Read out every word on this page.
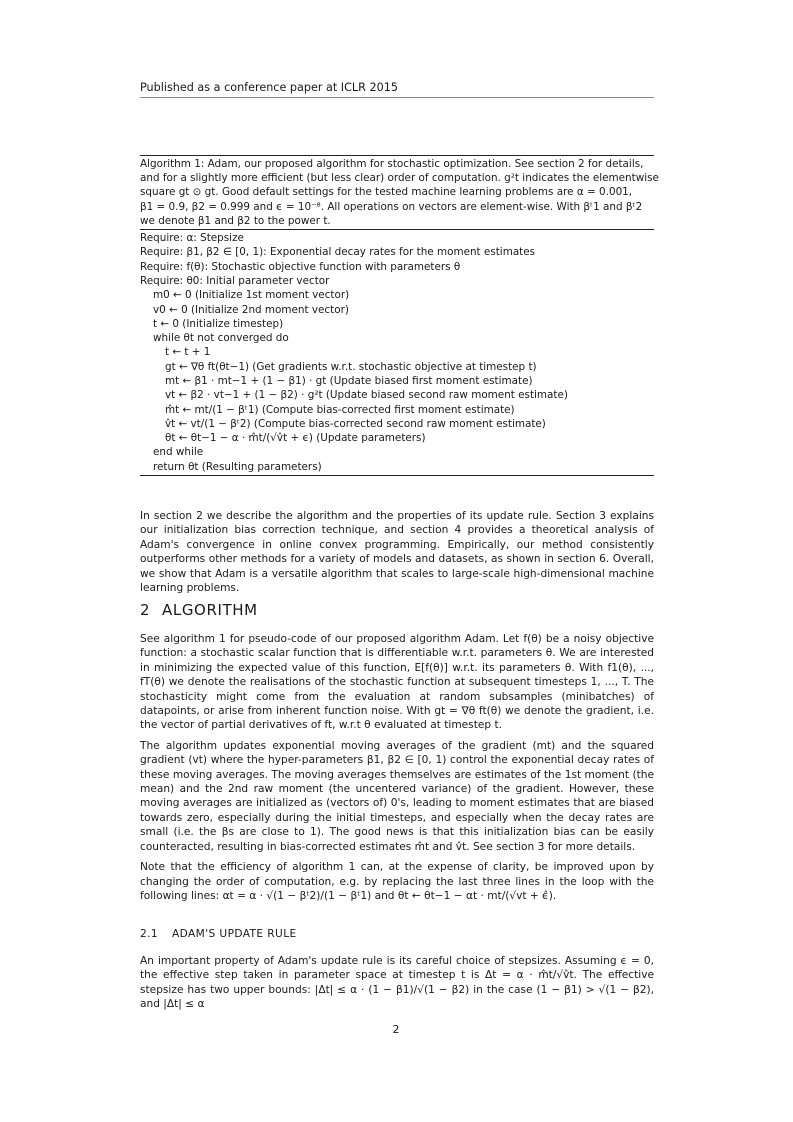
Published as a conference paper at ICLR 2015
Algorithm 1: Adam, our proposed algorithm for stochastic optimization. See section 2 for details,
and for a slightly more efficient (but less clear) order of computation. g²t indicates the elementwise
square gt ⊙ gt. Good default settings for the tested machine learning problems are α = 0.001,
β1 = 0.9, β2 = 0.999 and ϵ = 10⁻⁸. All operations on vectors are element-wise. With βᵗ1 and βᵗ2
we denote β1 and β2 to the power t.
Require: α: Stepsize
Require: β1, β2 ∈ [0, 1): Exponential decay rates for the moment estimates
Require: f(θ): Stochastic objective function with parameters θ
Require: θ0: Initial parameter vector
m0 ← 0 (Initialize 1st moment vector)
v0 ← 0 (Initialize 2nd moment vector)
t ← 0 (Initialize timestep)
while θt not converged do
t ← t + 1
gt ← ∇θ ft(θt−1) (Get gradients w.r.t. stochastic objective at timestep t)
mt ← β1 · mt−1 + (1 − β1) · gt (Update biased first moment estimate)
vt ← β2 · vt−1 + (1 − β2) · g²t (Update biased second raw moment estimate)
m̂t ← mt/(1 − βᵗ1) (Compute bias-corrected first moment estimate)
v̂t ← vt/(1 − βᵗ2) (Compute bias-corrected second raw moment estimate)
θt ← θt−1 − α · m̂t/(√v̂t + ϵ) (Update parameters)
end while
return θt (Resulting parameters)

In section 2 we describe the algorithm and the properties of its update rule. Section 3 explains our initialization bias correction technique, and section 4 provides a theoretical analysis of Adam's convergence in online convex programming. Empirically, our method consistently outperforms other methods for a variety of models and datasets, as shown in section 6. Overall, we show that Adam is a versatile algorithm that scales to large-scale high-dimensional machine learning problems.

2 ALGORITHM

See algorithm 1 for pseudo-code of our proposed algorithm Adam. Let f(θ) be a noisy objective function: a stochastic scalar function that is differentiable w.r.t. parameters θ. We are interested in minimizing the expected value of this function, E[f(θ)] w.r.t. its parameters θ. With f1(θ), ..., fT(θ) we denote the realisations of the stochastic function at subsequent timesteps 1, ..., T. The stochasticity might come from the evaluation at random subsamples (minibatches) of datapoints, or arise from inherent function noise. With gt = ∇θ ft(θ) we denote the gradient, i.e. the vector of partial derivatives of ft, w.r.t θ evaluated at timestep t.

The algorithm updates exponential moving averages of the gradient (mt) and the squared gradient (vt) where the hyper-parameters β1, β2 ∈ [0, 1) control the exponential decay rates of these moving averages. The moving averages themselves are estimates of the 1st moment (the mean) and the 2nd raw moment (the uncentered variance) of the gradient. However, these moving averages are initialized as (vectors of) 0's, leading to moment estimates that are biased towards zero, especially during the initial timesteps, and especially when the decay rates are small (i.e. the βs are close to 1). The good news is that this initialization bias can be easily counteracted, resulting in bias-corrected estimates m̂t and v̂t. See section 3 for more details.

Note that the efficiency of algorithm 1 can, at the expense of clarity, be improved upon by changing the order of computation, e.g. by replacing the last three lines in the loop with the following lines: αt = α · √(1 − βᵗ2)/(1 − βᵗ1) and θt ← θt−1 − αt · mt/(√vt + ϵ̂).

2.1 ADAM'S UPDATE RULE

An important property of Adam's update rule is its careful choice of stepsizes. Assuming ϵ = 0, the effective step taken in parameter space at timestep t is Δt = α · m̂t/√v̂t. The effective stepsize has two upper bounds: |Δt| ≤ α · (1 − β1)/√(1 − β2) in the case (1 − β1) > √(1 − β2), and |Δt| ≤ α

2
